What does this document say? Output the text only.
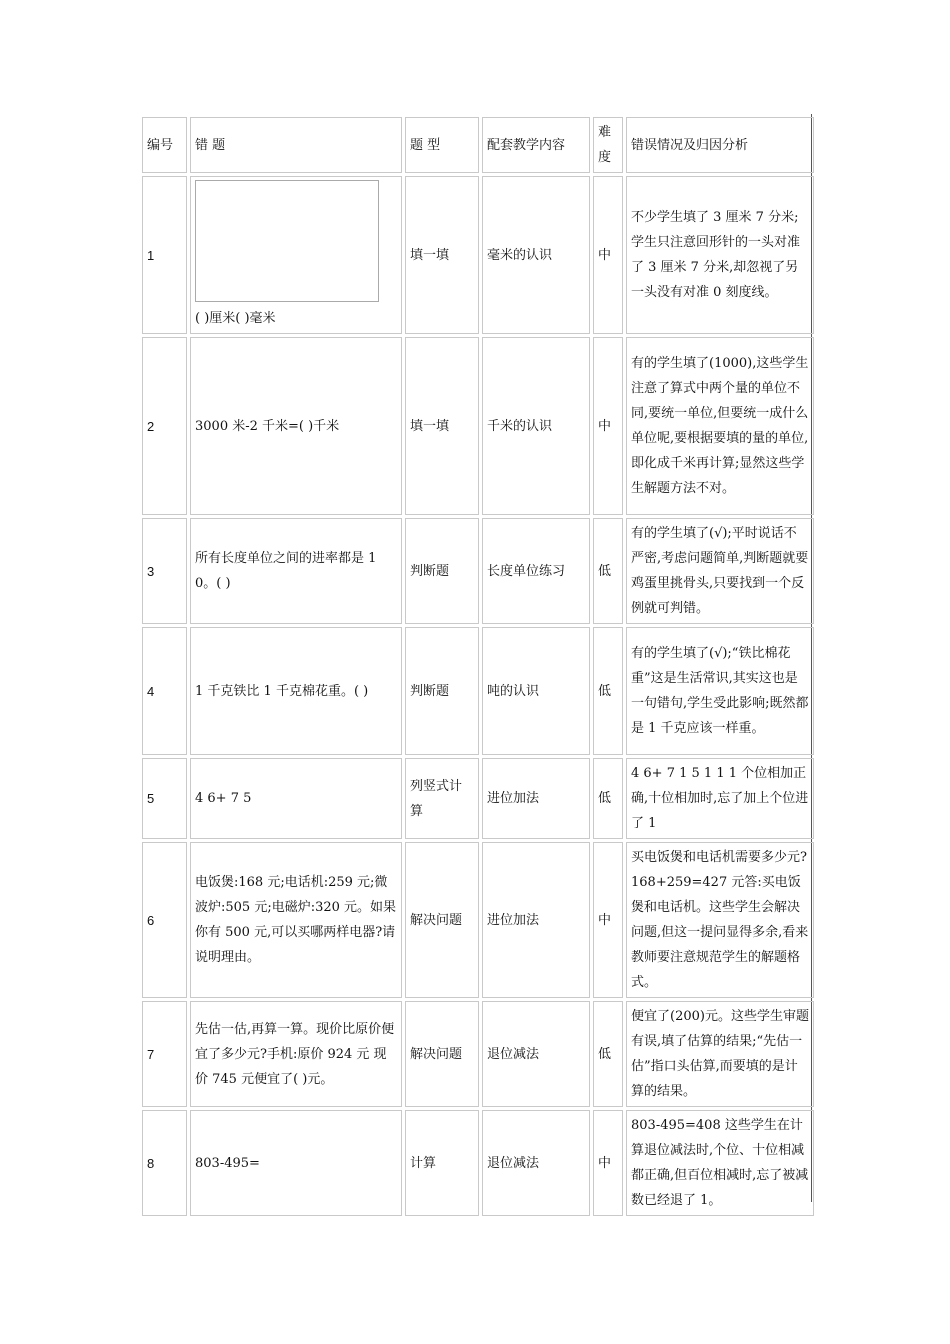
编号	错 题	题 型	配套教学内容	难度	错误情况及归因分析
1	( )厘米( )毫米	填一填	毫米的认识	中	不少学生填了 3 厘米 7 分米;学生只注意回形针的一头对准了 3 厘米 7 分米,却忽视了另一头没有对准 0 刻度线。
2	3000 米-2 千米=( )千米	填一填	千米的认识	中	有的学生填了(1000),这些学生注意了算式中两个量的单位不同,要统一单位,但要统一成什么单位呢,要根据要填的量的单位,即化成千米再计算;显然这些学生解题方法不对。
3	所有长度单位之间的进率都是 10。( )	判断题	长度单位练习	低	有的学生填了(√);平时说话不严密,考虑问题简单,判断题就要鸡蛋里挑骨头,只要找到一个反例就可判错。
4	1 千克铁比 1 千克棉花重。( )	判断题	吨的认识	低	有的学生填了(√);“铁比棉花重”这是生活常识,其实这也是一句错句,学生受此影响;既然都是 1 千克应该一样重。
5	4 6+ 7 5	列竖式计算	进位加法	低	4 6+ 7 1 5 1 1 1 个位相加正确,十位相加时,忘了加上个位进了 1
6	电饭煲:168 元;电话机:259 元;微波炉:505 元;电磁炉:320 元。如果你有 500 元,可以买哪两样电器?请说明理由。	解决问题	进位加法	中	买电饭煲和电话机需要多少元?168+259=427 元答:买电饭煲和电话机。这些学生会解决问题,但这一提问显得多余,看来教师要注意规范学生的解题格式。
7	先估一估,再算一算。现价比原价便宜了多少元?手机:原价 924 元 现价 745 元便宜了( )元。	解决问题	退位减法	低	便宜了(200)元。这些学生审题有误,填了估算的结果;“先估一估”指口头估算,而要填的是计算的结果。
8	803-495=	计算	退位减法	中	803-495=408 这些学生在计算退位减法时,个位、十位相减都正确,但百位相减时,忘了被减数已经退了 1。
